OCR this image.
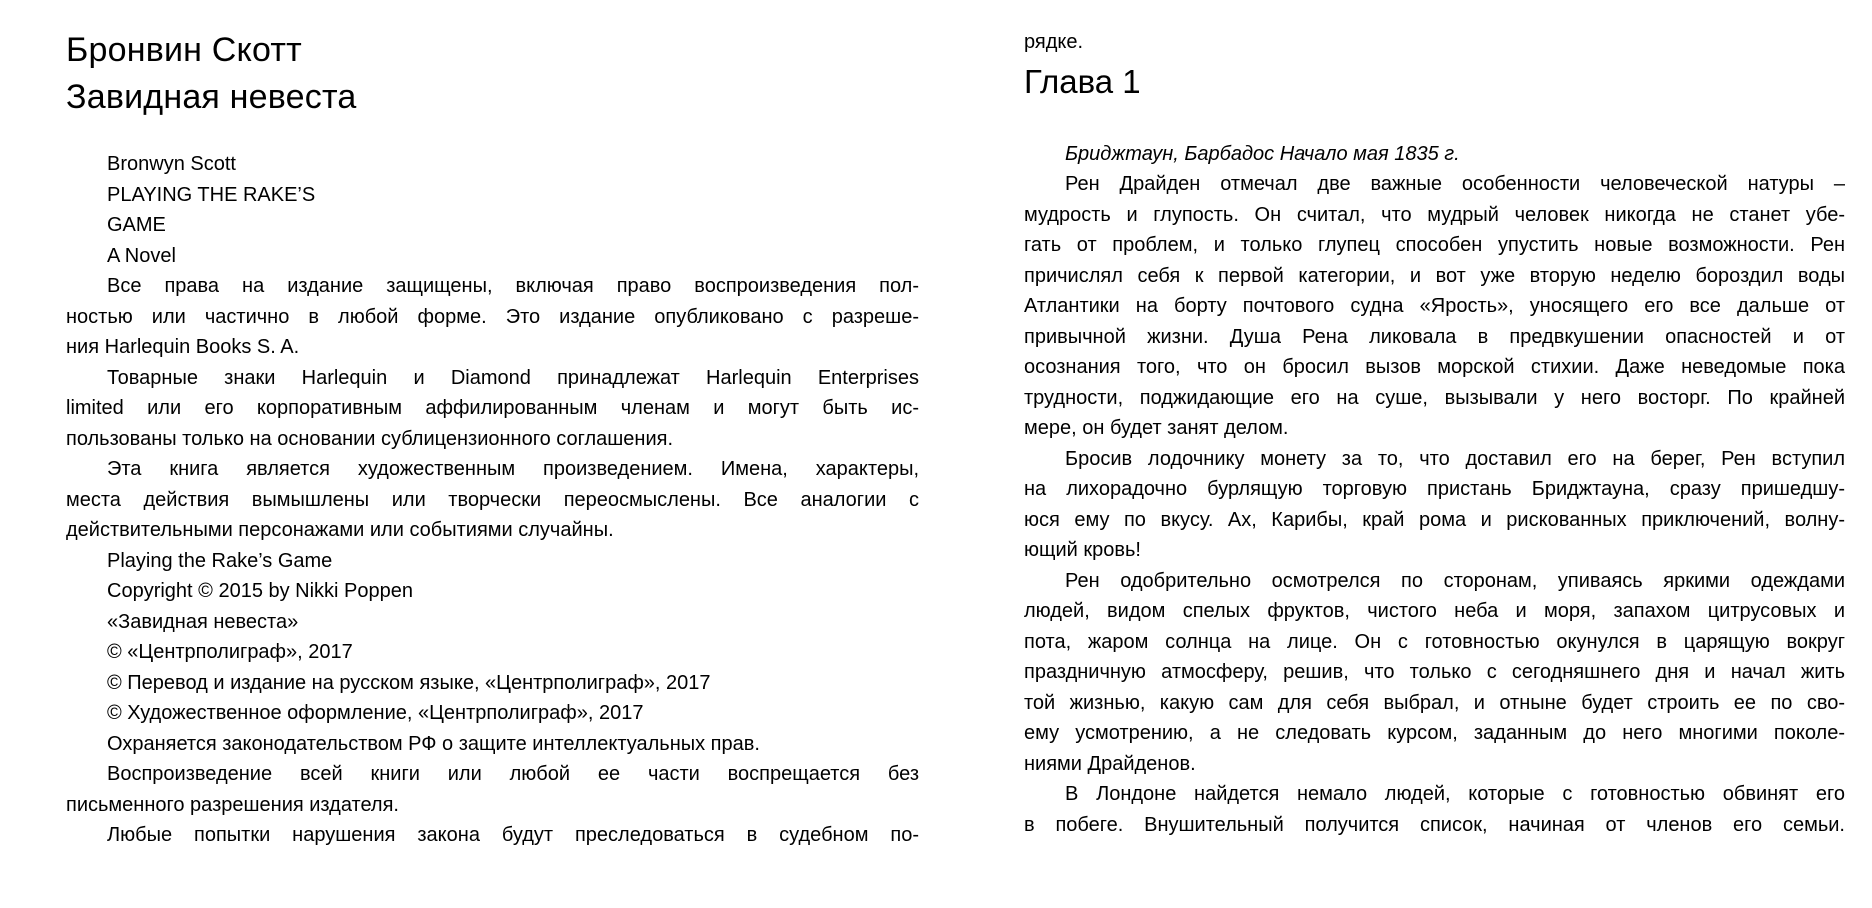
Бронвин Скотт
Завидная невеста

Bronwyn Scott

PLAYING THE RAKE’S

GAME

A Novel

Все права на издание защищены, включая право воспроизведения пол-
ностью или частично в любой форме. Это издание опубликовано с разреше-
ния Harlequin Books S. A.

Товарные знаки Harlequin и Diamond принадлежат Harlequin Enterprises
limited или его корпоративным аффилированным членам и могут быть ис-
пользованы только на основании сублицензионного соглашения.

Эта книга является художественным произведением. Имена, характеры,
места действия вымышлены или творчески переосмыслены. Все аналогии с
действительными персонажами или событиями случайны.

Playing the Rake’s Game

Copyright © 2015 by Nikki Poppen

«Завидная невеста»

© «Центрполиграф», 2017

© Перевод и издание на русском языке, «Центрполиграф», 2017

© Художественное оформление, «Центрполиграф», 2017

Охраняется законодательством РФ о защите интеллектуальных прав.

Воспроизведение всей книги или любой ее части воспрещается без
письменного разрешения издателя.

Любые попытки нарушения закона будут преследоваться в судебном по-

рядке.

Глава 1

Бриджтаун, Барбадос Начало мая 1835 г.

Рен Драйден отмечал две важные особенности человеческой натуры –
мудрость и глупость. Он считал, что мудрый человек никогда не станет убе-
гать от проблем, и только глупец способен упустить новые возможности. Рен
причислял себя к первой категории, и вот уже вторую неделю бороздил воды
Атлантики на борту почтового судна «Ярость», уносящего его все дальше от
привычной жизни. Душа Рена ликовала в предвкушении опасностей и от
осознания того, что он бросил вызов морской стихии. Даже неведомые пока
трудности, поджидающие его на суше, вызывали у него восторг. По крайней
мере, он будет занят делом.

Бросив лодочнику монету за то, что доставил его на берег, Рен вступил
на лихорадочно бурлящую торговую пристань Бриджтауна, сразу пришедшу-
юся ему по вкусу. Ах, Карибы, край рома и рискованных приключений, волну-
ющий кровь!

Рен одобрительно осмотрелся по сторонам, упиваясь яркими одеждами
людей, видом спелых фруктов, чистого неба и моря, запахом цитрусовых и
пота, жаром солнца на лице. Он с готовностью окунулся в царящую вокруг
праздничную атмосферу, решив, что только с сегодняшнего дня и начал жить
той жизнью, какую сам для себя выбрал, и отныне будет строить ее по сво-
ему усмотрению, а не следовать курсом, заданным до него многими поколе-
ниями Драйденов.

В Лондоне найдется немало людей, которые с готовностью обвинят его
в побеге. Внушительный получится список, начиная от членов его семьи.
